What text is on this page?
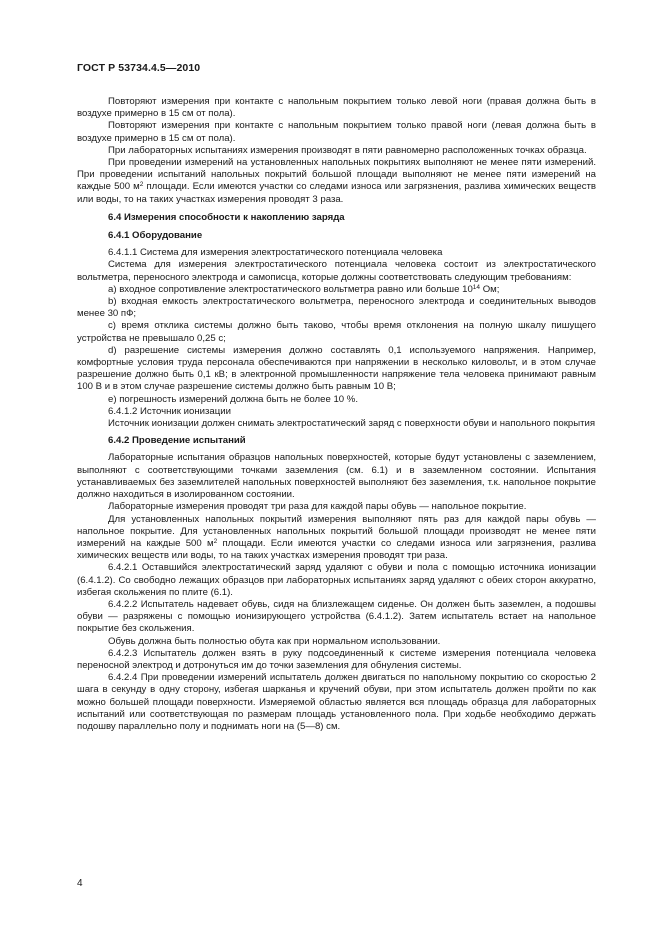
ГОСТ Р 53734.4.5—2010

Повторяют измерения при контакте с напольным покрытием только левой ноги (правая должна быть в воздухе примерно в 15 см от пола).

Повторяют измерения при контакте с напольным покрытием только правой ноги (левая должна быть в воздухе примерно в 15 см от пола).

При лабораторных испытаниях измерения производят в пяти равномерно расположенных точках образца.

При проведении измерений на установленных напольных покрытиях выполняют не менее пяти измерений. При проведении испытаний напольных покрытий большой площади выполняют не менее пяти измерений на каждые 500 $м^2$ площади. Если имеются участки со следами износа или загрязнения, разлива химических веществ или воды, то на таких участках измерения проводят 3 раза.

6.4 Измерения способности к накоплению заряда

6.4.1 Оборудование

6.4.1.1 Система для измерения электростатического потенциала человека

Система для измерения электростатического потенциала человека состоит из электростатического вольтметра, переносного электрода и самописца, которые должны соответствовать следующим требованиям:

a) входное сопротивление электростатического вольтметра равно или больше $10^{14}$ Ом;

b) входная емкость электростатического вольтметра, переносного электрода и соединительных выводов менее 30 пФ;

c) время отклика системы должно быть таково, чтобы время отклонения на полную шкалу пишущего устройства не превышало 0,25 с;

d) разрешение системы измерения должно составлять 0,1 используемого напряжения. Например, комфортные условия труда персонала обеспечиваются при напряжении в несколько киловольт, и в этом случае разрешение должно быть 0,1 кВ; в электронной промышленности напряжение тела человека принимают равным 100 В и в этом случае разрешение системы должно быть равным 10 В;

e) погрешность измерений должна быть не более 10 %.

6.4.1.2 Источник ионизации

Источник ионизации должен снимать электростатический заряд с поверхности обуви и напольного покрытия

6.4.2 Проведение испытаний

Лабораторные испытания образцов напольных поверхностей, которые будут установлены с заземлением, выполняют с соответствующими точками заземления (см. 6.1) и в заземленном состоянии. Испытания устанавливаемых без заземлителей напольных поверхностей выполняют без заземления, т.к. напольное покрытие должно находиться в изолированном состоянии.

Лабораторные измерения проводят три раза для каждой пары обувь — напольное покрытие.

Для установленных напольных покрытий измерения выполняют пять раз для каждой пары обувь — напольное покрытие. Для установленных напольных покрытий большой площади производят не менее пяти измерений на каждые 500 $м^2$ площади. Если имеются участки со следами износа или загрязнения, разлива химических веществ или воды, то на таких участках измерения проводят три раза.

6.4.2.1 Оставшийся электростатический заряд удаляют с обуви и пола с помощью источника ионизации (6.4.1.2). Со свободно лежащих образцов при лабораторных испытаниях заряд удаляют с обеих сторон аккуратно, избегая скольжения по плите (6.1).

6.4.2.2 Испытатель надевает обувь, сидя на близлежащем сиденье. Он должен быть заземлен, а подошвы обуви — разряжены с помощью ионизирующего устройства (6.4.1.2). Затем испытатель встает на напольное покрытие без скольжения.

Обувь должна быть полностью обута как при нормальном использовании.

6.4.2.3 Испытатель должен взять в руку подсоединенный к системе измерения потенциала человека переносной электрод и дотронуться им до точки заземления для обнуления системы.

6.4.2.4 При проведении измерений испытатель должен двигаться по напольному покрытию со скоростью 2 шага в секунду в одну сторону, избегая шарканья и кручений обуви, при этом испытатель должен пройти по как можно большей площади поверхности. Измеряемой областью является вся площадь образца для лабораторных испытаний или соответствующая по размерам площадь установленного пола. При ходьбе необходимо держать подошву параллельно полу и поднимать ноги на (5—8) см.

4
